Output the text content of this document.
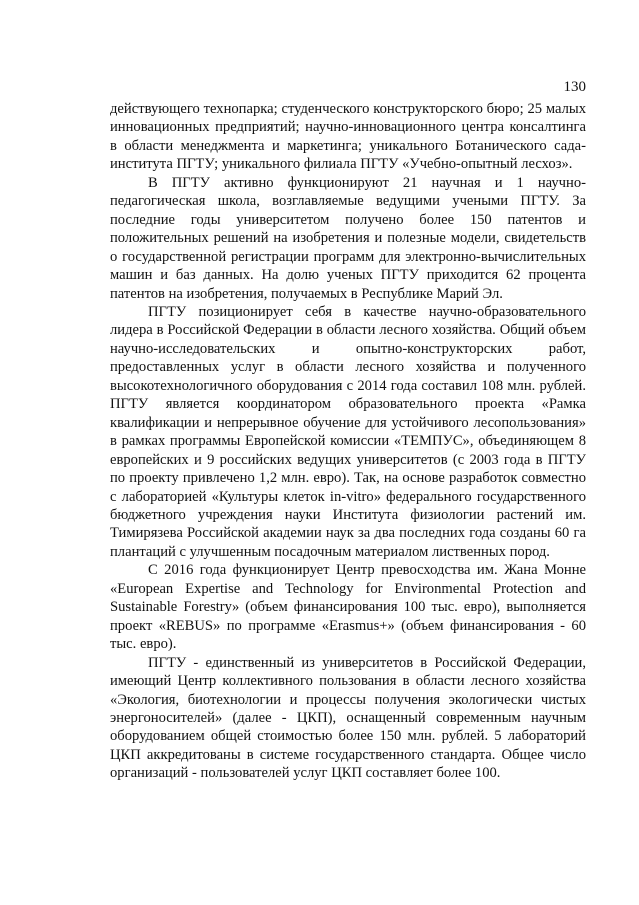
130

действующего технопарка; студенческого конструкторского бюро; 25 малых инновационных предприятий; научно-инновационного центра консалтинга в области менеджмента и маркетинга; уникального Ботанического сада-института ПГТУ; уникального филиала ПГТУ «Учебно-опытный лесхоз».

В ПГТУ активно функционируют 21 научная и 1 научно-педагогическая школа, возглавляемые ведущими учеными ПГТУ. За последние годы университетом получено более 150 патентов и положительных решений на изобретения и полезные модели, свидетельств о государственной регистрации программ для электронно-вычислительных машин и баз данных. На долю ученых ПГТУ приходится 62 процента патентов на изобретения, получаемых в Республике Марий Эл.

ПГТУ позиционирует себя в качестве научно-образовательного лидера в Российской Федерации в области лесного хозяйства. Общий объем научно-исследовательских и опытно-конструкторских работ, предоставленных услуг в области лесного хозяйства и полученного высокотехнологичного оборудования с 2014 года составил 108 млн. рублей. ПГТУ является координатором образовательного проекта «Рамка квалификации и непрерывное обучение для устойчивого лесопользования» в рамках программы Европейской комиссии «ТЕМПУС», объединяющем 8 европейских и 9 российских ведущих университетов (с 2003 года в ПГТУ по проекту привлечено 1,2 млн. евро). Так, на основе разработок совместно с лабораторией «Культуры клеток in-vitro» федерального государственного бюджетного учреждения науки Института физиологии растений им. Тимирязева Российской академии наук за два последних года созданы 60 га плантаций с улучшенным посадочным материалом лиственных пород.

С 2016 года функционирует Центр превосходства им. Жана Монне «European Expertise and Technology for Environmental Protection and Sustainable Forestry» (объем финансирования 100 тыс. евро), выполняется проект «REBUS» по программе «Erasmus+» (объем финансирования - 60 тыс. евро).

ПГТУ - единственный из университетов в Российской Федерации, имеющий Центр коллективного пользования в области лесного хозяйства «Экология, биотехнологии и процессы получения экологически чистых энергоносителей» (далее - ЦКП), оснащенный современным научным оборудованием общей стоимостью более 150 млн. рублей. 5 лабораторий ЦКП аккредитованы в системе государственного стандарта. Общее число организаций - пользователей услуг ЦКП составляет более 100.
